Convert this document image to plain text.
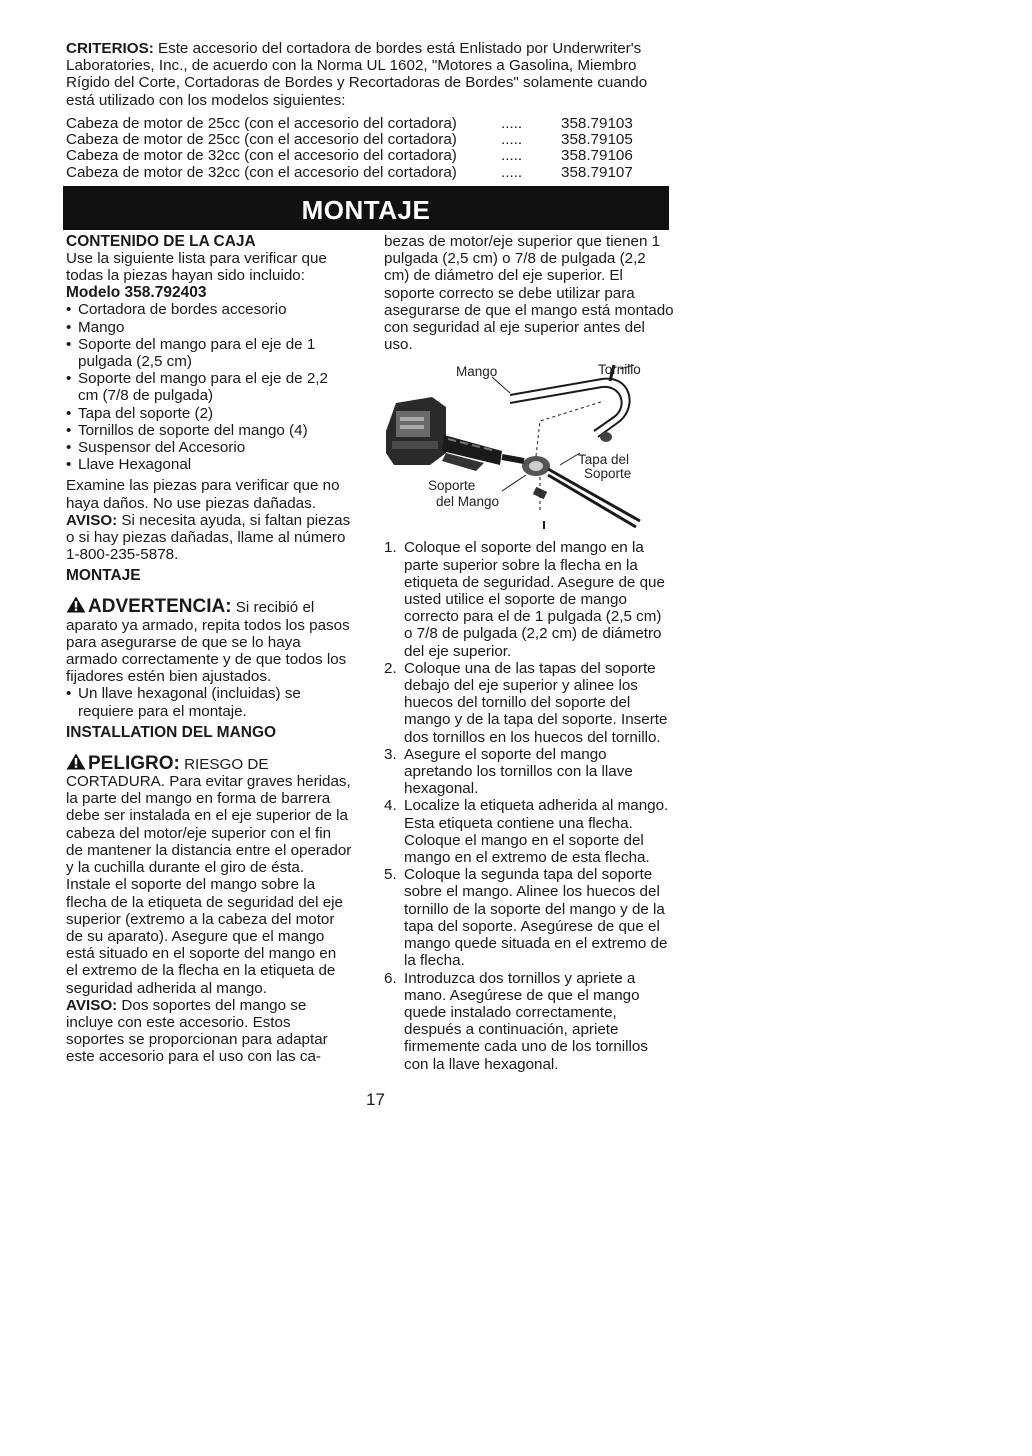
CRITERIOS: Este accesorio del cortadora de bordes está Enlistado por Underwriter's Laboratories, Inc., de acuerdo con la Norma UL 1602, "Motores a Gasolina, Miembro Rígido del Corte, Cortadoras de Bordes y Recortadoras de Bordes" solamente cuando está utilizado con los modelos siguientes:

Cabeza de motor de 25cc (con el accesorio del cortadora)	.....	358.79103
Cabeza de motor de 25cc (con el accesorio del cortadora)	.....	358.79105
Cabeza de motor de 32cc (con el accesorio del cortadora)	.....	358.79106
Cabeza de motor de 32cc (con el accesorio del cortadora)	.....	358.79107
MONTAJE

CONTENIDO DE LA CAJA

Use la siguiente lista para verificar que todas la piezas hayan sido incluido:

Modelo 358.792403

• Cortadora de bordes accesorio
• Mango
• Soporte del mango para el eje de 1 pulgada (2,5 cm)
• Soporte del mango para el eje de 2,2 cm (7/8 de pulgada)
• Tapa del soporte (2)
• Tornillos de soporte del mango (4)
• Suspensor del Accesorio
• Llave Hexagonal

Examine las piezas para verificar que no haya daños. No use piezas dañadas.

AVISO: Si necesita ayuda, si faltan piezas o si hay piezas dañadas, llame al número 1-800-235-5878.

MONTAJE

ADVERTENCIA: Si recibió el aparato ya armado, repita todos los pasos para asegurarse de que se lo haya armado correctamente y de que todos los fijadores estén bien ajustados.

• Un llave hexagonal (incluidas) se requiere para el montaje.

INSTALLATION DEL MANGO

PELIGRO: RIESGO DE CORTADURA. Para evitar graves heridas, la parte del mango en forma de barrera debe ser instalada en el eje superior de la cabeza del motor/eje superior con el fin de mantener la distancia entre el operador y la cuchilla durante el giro de ésta. Instale el soporte del mango sobre la flecha de la etiqueta de seguridad del eje superior (extremo a la cabeza del motor de su aparato). Asegure que el mango está situado en el soporte del mango en el extremo de la flecha en la etiqueta de seguridad adherida al mango.

AVISO: Dos soportes del mango se incluye con este accesorio. Estos soportes se proporcionan para adaptar este accesorio para el uso con las ca-

bezas de motor/eje superior que tienen 1 pulgada (2,5 cm) o 7/8 de pulgada (2,2 cm) de diámetro del eje superior. El soporte correcto se debe utilizar para asegurarse de que el mango está montado con seguridad al eje superior antes del uso.

Mango	Tornillo
Tapa del
Soporte
Soporte
del Mango
1. Coloque el soporte del mango en la parte superior sobre la flecha en la etiqueta de seguridad. Asegure de que usted utilice el soporte de mango correcto para el de 1 pulgada (2,5 cm) o 7/8 de pulgada (2,2 cm) de diámetro del eje superior.
2. Coloque una de las tapas del soporte debajo del eje superior y alinee los huecos del tornillo del soporte del mango y de la tapa del soporte. Inserte dos tornillos en los huecos del tornillo.
3. Asegure el soporte del mango apretando los tornillos con la llave hexagonal.
4. Localize la etiqueta adherida al mango. Esta etiqueta contiene una flecha. Coloque el mango en el soporte del mango en el extremo de esta flecha.
5. Coloque la segunda tapa del soporte sobre el mango. Alinee los huecos del tornillo de la soporte del mango y de la tapa del soporte. Asegúrese de que el mango quede situada en el extremo de la flecha.
6. Introduzca dos tornillos y apriete a mano. Asegúrese de que el mango quede instalado correctamente, después a continuación, apriete firmemente cada uno de los tornillos con la llave hexagonal.
17
